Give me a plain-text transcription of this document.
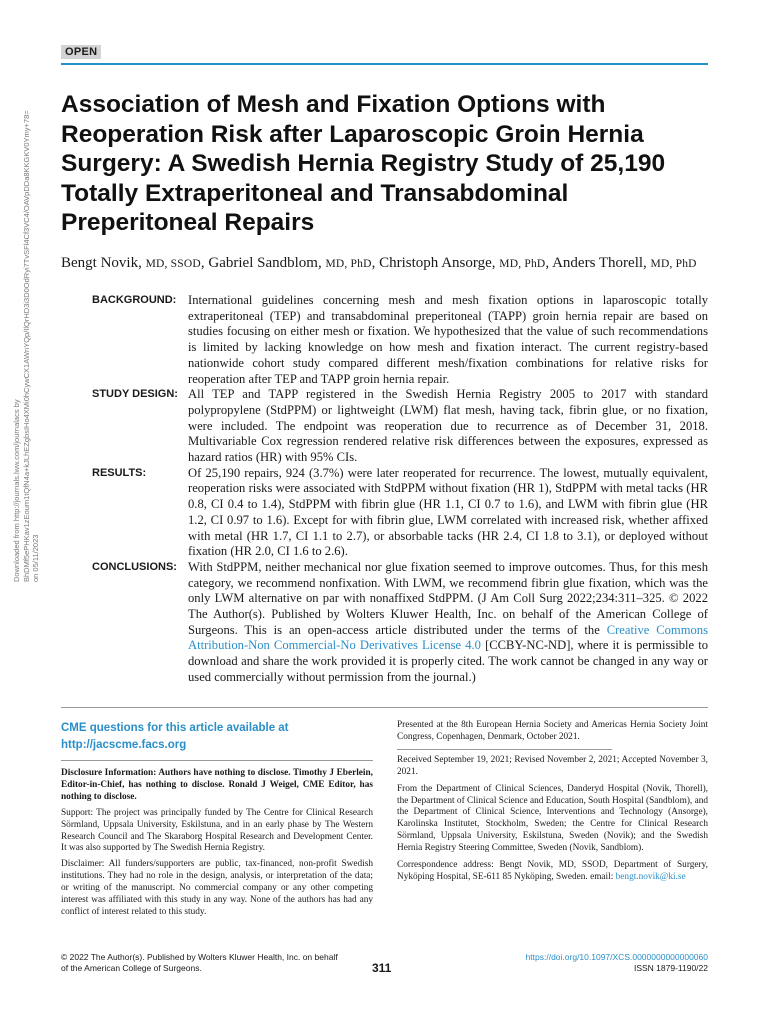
OPEN
Downloaded from http://journals.lww.com/journalacs by BhDMf5ePHKav1zEoum1tQfN4a+kJLhEZgbsIHo4XMi0hCywCX1AWnYQp/IlQrHD3i3D0OdRyi7TvSFl4Cf3VC4/OAVpDDa8KKGKV0Ymy+78= on 05/11/2023
Association of Mesh and Fixation Options with Reoperation Risk after Laparoscopic Groin Hernia Surgery: A Swedish Hernia Registry Study of 25,190 Totally Extraperitoneal and Transabdominal Preperitoneal Repairs
Bengt Novik, MD, SSOD, Gabriel Sandblom, MD, PhD, Christoph Ansorge, MD, PhD, Anders Thorell, MD, PhD
BACKGROUND: International guidelines concerning mesh and mesh fixation options in laparoscopic totally extraperitoneal (TEP) and transabdominal preperitoneal (TAPP) groin hernia repair are based on studies focusing on either mesh or fixation. We hypothesized that the value of such recommendations is limited by lacking knowledge on how mesh and fixation interact. The current registry-based nationwide cohort study compared different mesh/fixation combinations for relative risks for reoperation after TEP and TAPP groin hernia repair.
STUDY DESIGN: All TEP and TAPP registered in the Swedish Hernia Registry 2005 to 2017 with standard polypropylene (StdPPM) or lightweight (LWM) flat mesh, having tack, fibrin glue, or no fixation, were included. The endpoint was reoperation due to recurrence as of December 31, 2018. Multivariable Cox regression rendered relative risk differences between the exposures, expressed as hazard ratios (HR) with 95% CIs.
RESULTS:	Of 25,190 repairs, 924 (3.7%) were later reoperated for recurrence. The lowest, mutually equivalent, reoperation risks were associated with StdPPM without fixation (HR 1), StdPPM with metal tacks (HR 0.8, CI 0.4 to 1.4), StdPPM with fibrin glue (HR 1.1, CI 0.7 to 1.6), and LWM with fibrin glue (HR 1.2, CI 0.97 to 1.6). Except for with fibrin glue, LWM correlated with increased risk, whether affixed with metal (HR 1.7, CI 1.1 to 2.7), or absorbable tacks (HR 2.4, CI 1.8 to 3.1), or deployed without fixation (HR 2.0, CI 1.6 to 2.6).
CONCLUSIONS: With StdPPM, neither mechanical nor glue fixation seemed to improve outcomes. Thus, for this mesh category, we recommend nonfixation. With LWM, we recommend fibrin glue fixation, which was the only LWM alternative on par with nonaffixed StdPPM. (J Am Coll Surg 2022;234:311–325. © 2022 The Author(s). Published by Wolters Kluwer Health, Inc. on behalf of the American College of Surgeons. This is an open-access article distributed under the terms of the Creative Commons Attribution-Non Commercial-No Derivatives License 4.0 [CCBY-NC-ND], where it is permissible to download and share the work provided it is properly cited. The work cannot be changed in any way or used commercially without permission from the journal.)
CME questions for this article available at http://jacscme.facs.org

Disclosure Information: Authors have nothing to disclose. Timothy J Eberlein, Editor-in-Chief, has nothing to disclose. Ronald J Weigel, CME Editor, has nothing to disclose.

Support: The project was principally funded by The Centre for Clinical Research Sörmland, Uppsala University, Eskilstuna, and in an early phase by The Western Research Council and The Skaraborg Hospital Research and Development Center. It was also supported by The Swedish Hernia Registry.

Disclaimer: All funders/supporters are public, tax-financed, non-profit Swedish institutions. They had no role in the design, analysis, or interpretation of the data; or writing of the manuscript. No commercial company or any other competing interest was affiliated with this study in any way. None of the authors has had any conflict of interest related to this study.

Presented at the 8th European Hernia Society and Americas Hernia Society Joint Congress, Copenhagen, Denmark, October 2021.

Received September 19, 2021; Revised November 2, 2021; Accepted November 3, 2021.

From the Department of Clinical Sciences, Danderyd Hospital (Novik, Thorell), the Department of Clinical Science and Education, South Hospital (Sandblom), and the Department of Clinical Science, Interventions and Technology (Ansorge), Karolinska Institutet, Stockholm, Sweden; the Centre for Clinical Research Sörmland, Uppsala University, Eskilstuna, Sweden (Novik); and the Swedish Hernia Registry Steering Committee, Sweden (Novik, Sandblom).

Correspondence address: Bengt Novik, MD, SSOD, Department of Surgery, Nyköping Hospital, SE-611 85 Nyköping, Sweden. email: bengt.novik@ki.se

© 2022 The Author(s). Published by Wolters Kluwer Health, Inc. on behalf
of the American College of Surgeons.	311
https://doi.org/10.1097/XCS.0000000000000060
ISSN 1879-1190/22
